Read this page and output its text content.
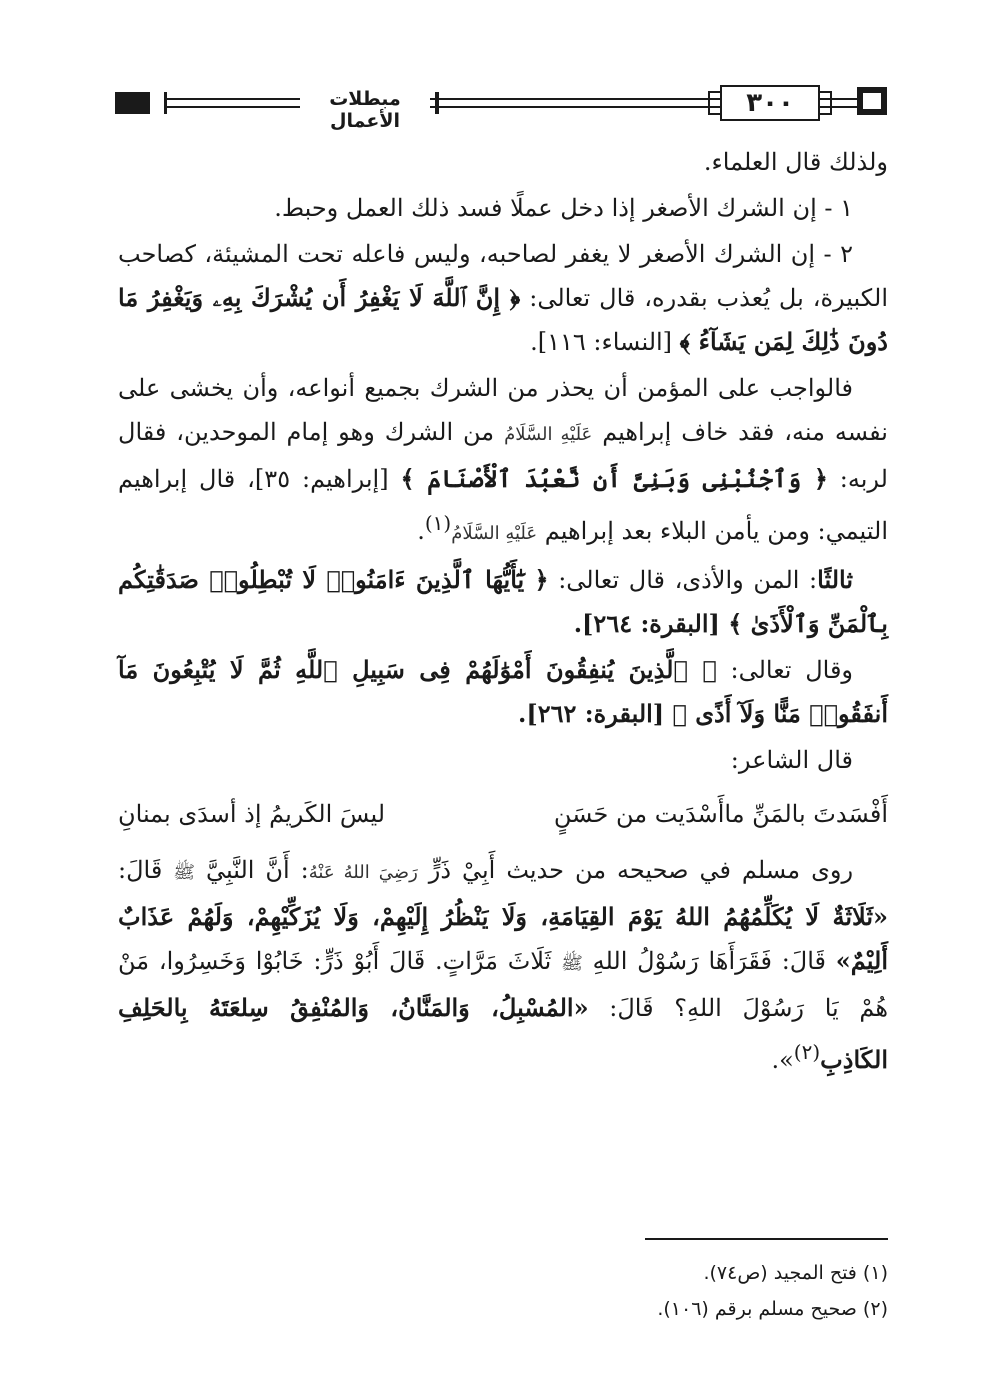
مبطلات الأعمال
٣٠٠
ولذلك قال العلماء.
١ - إن الشرك الأصغر إذا دخل عملًا فسد ذلك العمل وحبط.
٢ - إن الشرك الأصغر لا يغفر لصاحبه، وليس فاعله تحت المشيئة، كصاحب الكبيرة، بل يُعذب بقدره، قال تعالى: ﴿ إِنَّ ٱللَّهَ لَا يَغْفِرُ أَن يُشْرَكَ بِهِۦ وَيَغْفِرُ مَا دُونَ ذَٰلِكَ لِمَن يَشَآءُ ﴾ [النساء: ١١٦].
فالواجب على المؤمن أن يحذر من الشرك بجميع أنواعه، وأن يخشى على نفسه منه، فقد خاف إبراهيم عَلَيْهِ السَّلَامُ من الشرك وهو إمام الموحدين، فقال لربه: ﴿ وَٱجْنُبْنِى وَبَنِىَّ أَن نَّعْبُدَ ٱلْأَصْنَامَ ﴾ [إبراهيم: ٣٥]، قال إبراهيم التيمي: ومن يأمن البلاء بعد إبراهيم عَلَيْهِ السَّلَامُ$^{(١)}$.
ثالثًا: المن والأذى، قال تعالى: ﴿ يَٰٓأَيُّهَا ٱلَّذِينَ ءَامَنُوا۟ لَا تُبْطِلُوا۟ صَدَقَٰتِكُم بِٱلْمَنِّ وَٱلْأَذَىٰ ﴾ [البقرة: ٢٦٤].
وقال تعالى: ﴿ ٱلَّذِينَ يُنفِقُونَ أَمْوَٰلَهُمْ فِى سَبِيلِ ٱللَّهِ ثُمَّ لَا يُتْبِعُونَ مَآ أَنفَقُوا۟ مَنًّا وَلَآ أَذًى ﴾ [البقرة: ٢٦٢].
قال الشاعر:
أَفْسَدتَ بالمَنِّ ماأَسْدَيت من حَسَنٍ
ليسَ الكَريمُ إذ أسدَى بمنانِ
روى مسلم في صحيحه من حديث أَبِيْ ذَرٍّ رَضِيَ اللهُ عَنْهُ: أَنَّ النَّبِيَّ ﷺ قَالَ: «ثَلَاثَةٌ لَا يُكَلِّمُهُمُ اللهُ يَوْمَ القِيَامَةِ، وَلَا يَنْظُرُ إِلَيْهِمْ، وَلَا يُزَكِّيْهِمْ، وَلَهُمْ عَذَابٌ أَلِيْمٌ» قَالَ: فَقَرَأَهَا رَسُوْلُ اللهِ ﷺ ثَلَاثَ مَرَّاتٍ. قَالَ أَبُوْ ذَرٍّ: خَابُوْا وَخَسِرُوا، مَنْ هُمْ يَا رَسُوْلَ اللهِ؟ قَالَ: «المُسْبِلُ، وَالمَنَّانُ، وَالمُنْفِقُ سِلعَتَهُ بِالحَلِفِ الكَاذِبِ$^{(٢)}$».
(١) فتح المجيد (ص٧٤).
(٢) صحيح مسلم برقم (١٠٦).
